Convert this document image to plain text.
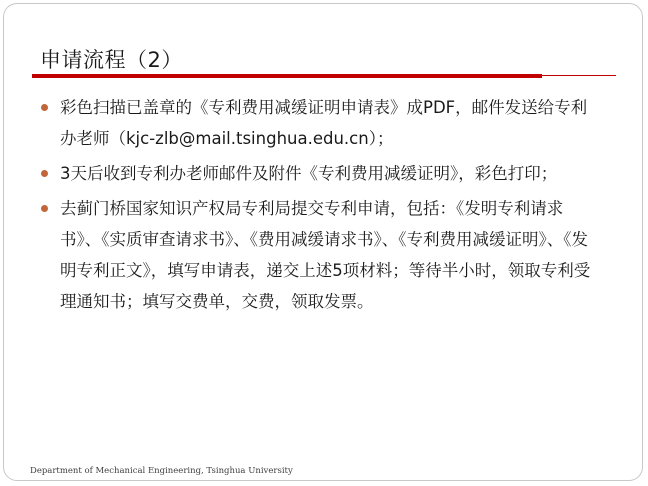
申请流程（2）
彩色扫描已盖章的《专利费用减缓证明申请表》成PDF，邮件发送给专利办老师（kjc-zlb@mail.tsinghua.edu.cn）；
3天后收到专利办老师邮件及附件《专利费用减缓证明》，彩色打印；
去蓟门桥国家知识产权局专利局提交专利申请，包括：《发明专利请求书》、《实质审查请求书》、《费用减缓请求书》、《专利费用减缓证明》、《发明专利正文》，填写申请表，递交上述5项材料；等待半小时，领取专利受理通知书；填写交费单，交费，领取发票。
Department of Mechanical Engineering, Tsinghua University
